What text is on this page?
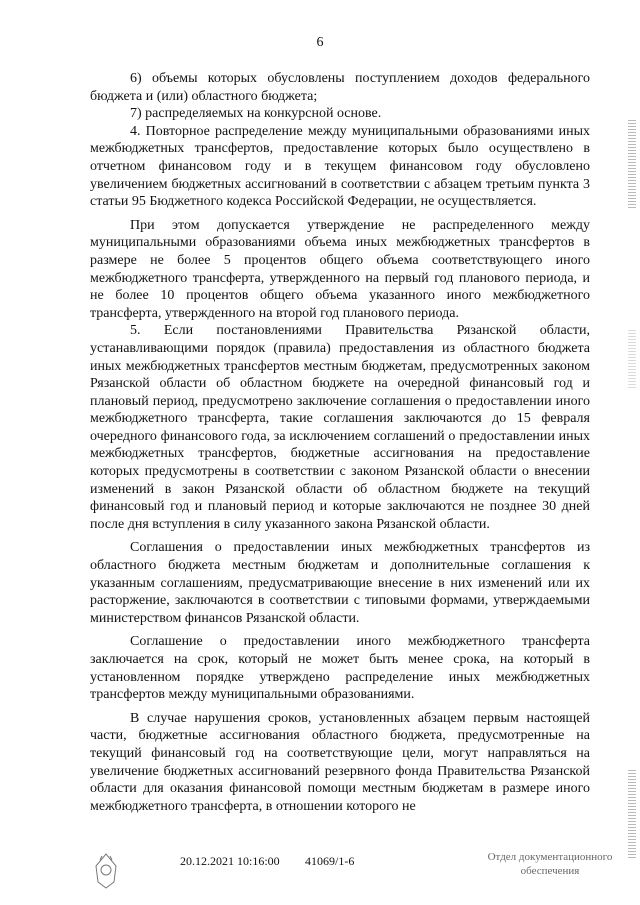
6

6) объемы которых обусловлены поступлением доходов федерального бюджета и (или) областного бюджета;

7) распределяемых на конкурсной основе.

4. Повторное распределение между муниципальными образованиями иных межбюджетных трансфертов, предоставление которых было осуществлено в отчетном финансовом году и в текущем финансовом году обусловлено увеличением бюджетных ассигнований в соответствии с абзацем третьим пункта 3 статьи 95 Бюджетного кодекса Российской Федерации, не осуществляется.

При этом допускается утверждение не распределенного между муниципальными образованиями объема иных межбюджетных трансфертов в размере не более 5 процентов общего объема соответствующего иного межбюджетного трансферта, утвержденного на первый год планового периода, и не более 10 процентов общего объема указанного иного межбюджетного трансферта, утвержденного на второй год планового периода.

5. Если постановлениями Правительства Рязанской области, устанавливающими порядок (правила) предоставления из областного бюджета иных межбюджетных трансфертов местным бюджетам, предусмотренных законом Рязанской области об областном бюджете на очередной финансовый год и плановый период, предусмотрено заключение соглашения о предоставлении иного межбюджетного трансферта, такие соглашения заключаются до 15 февраля очередного финансового года, за исключением соглашений о предоставлении иных межбюджетных трансфертов, бюджетные ассигнования на предоставление которых предусмотрены в соответствии с законом Рязанской области о внесении изменений в закон Рязанской области об областном бюджете на текущий финансовый год и плановый период и которые заключаются не позднее 30 дней после дня вступления в силу указанного закона Рязанской области.

Соглашения о предоставлении иных межбюджетных трансфертов из областного бюджета местным бюджетам и дополнительные соглашения к указанным соглашениям, предусматривающие внесение в них изменений или их расторжение, заключаются в соответствии с типовыми формами, утверждаемыми министерством финансов Рязанской области.

Соглашение о предоставлении иного межбюджетного трансферта заключается на срок, который не может быть менее срока, на который в установленном порядке утверждено распределение иных межбюджетных трансфертов между муниципальными образованиями.

В случае нарушения сроков, установленных абзацем первым настоящей части, бюджетные ассигнования областного бюджета, предусмотренные на текущий финансовый год на соответствующие цели, могут направляться на увеличение бюджетных ассигнований резервного фонда Правительства Рязанской области для оказания финансовой помощи местным бюджетам в размере иного межбюджетного трансферта, в отношении которого не

20.12.2021 10:16:00 41069/1-6	Отдел документационного
обеспечения
